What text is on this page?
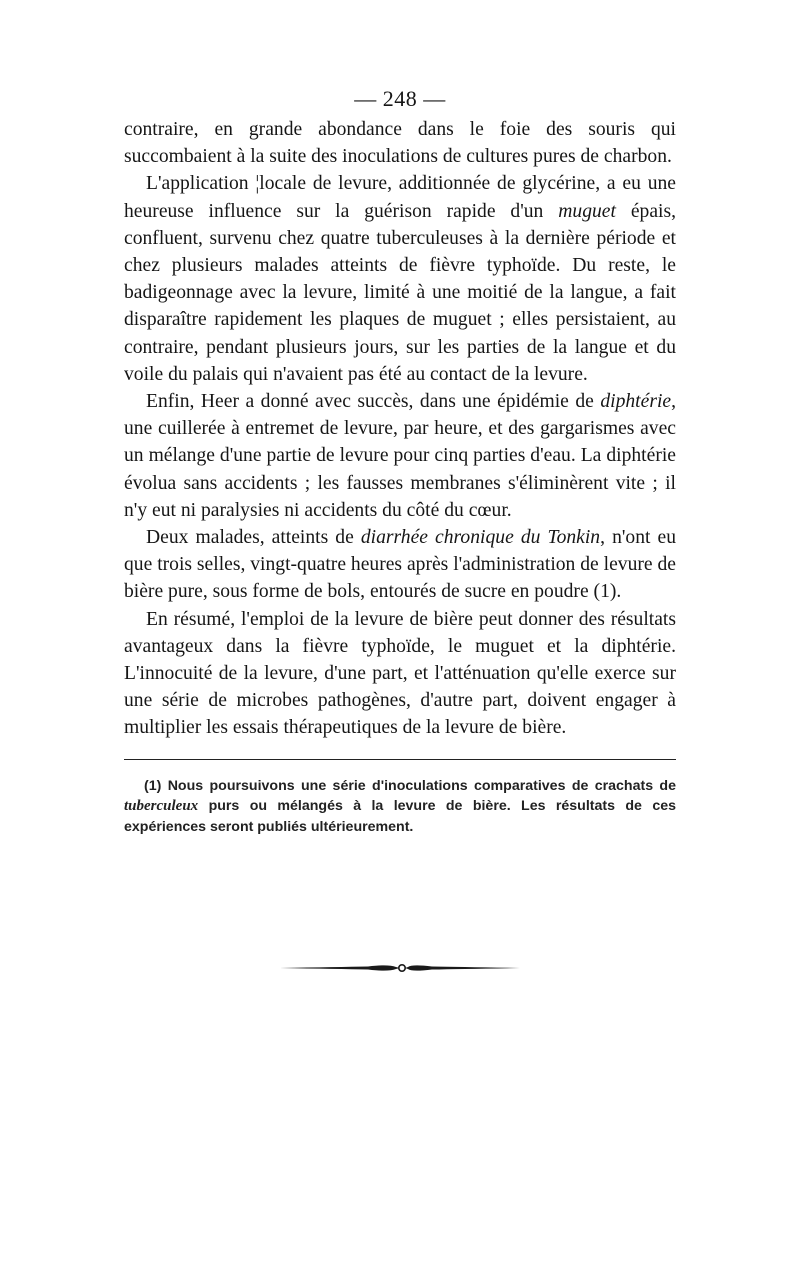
— 248 —

contraire, en grande abondance dans le foie des souris qui succombaient à la suite des inoculations de cultures pures de charbon.

L'application ¦locale de levure, additionnée de glycérine, a eu une heureuse influence sur la guérison rapide d'un muguet épais, confluent, survenu chez quatre tuberculeuses à la dernière période et chez plusieurs malades atteints de fièvre typhoïde. Du reste, le badigeonnage avec la levure, limité à une moitié de la langue, a fait disparaître rapidement les plaques de muguet ; elles persistaient, au contraire, pendant plusieurs jours, sur les parties de la langue et du voile du palais qui n'avaient pas été au contact de la levure.

Enfin, Heer a donné avec succès, dans une épidémie de diphtérie, une cuillerée à entremet de levure, par heure, et des gargarismes avec un mélange d'une partie de levure pour cinq parties d'eau. La diphtérie évolua sans accidents ; les fausses membranes s'éliminèrent vite ; il n'y eut ni paralysies ni accidents du côté du cœur.

Deux malades, atteints de diarrhée chronique du Tonkin, n'ont eu que trois selles, vingt-quatre heures après l'administration de levure de bière pure, sous forme de bols, entourés de sucre en poudre (1).

En résumé, l'emploi de la levure de bière peut donner des résultats avantageux dans la fièvre typhoïde, le muguet et la diphtérie. L'innocuité de la levure, d'une part, et l'atténuation qu'elle exerce sur une série de microbes pathogènes, d'autre part, doivent engager à multiplier les essais thérapeutiques de la levure de bière.

(1) Nous poursuivons une série d'inoculations comparatives de crachats de tuberculeux purs ou mélangés à la levure de bière. Les résultats de ces expériences seront publiés ultérieurement.
